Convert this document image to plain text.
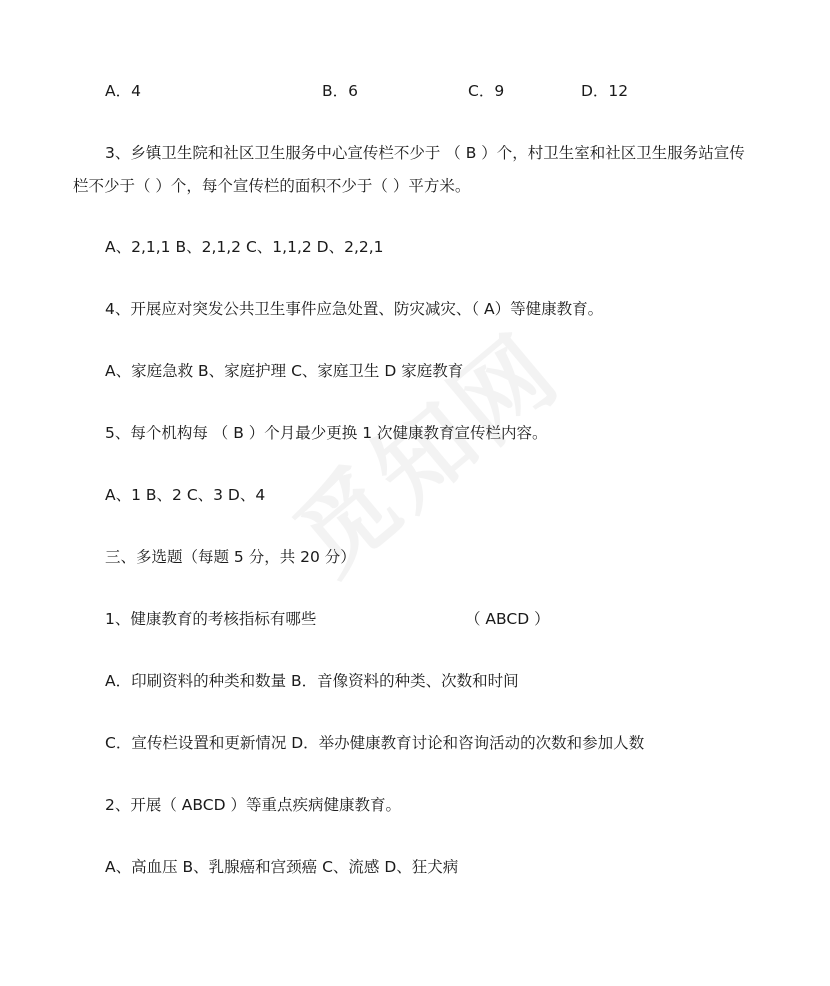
A．4	B．6	C．9	D．12
3、乡镇卫生院和社区卫生服务中心宣传栏不少于 （ B ）个，村卫生室和社区卫生服务站宣传
栏不少于（ ）个，每个宣传栏的面积不少于（ ）平方米。
A、2,1,1 B、2,1,2 C、1,1,2 D、2,2,1
4、开展应对突发公共卫生事件应急处置、防灾减灾、（ A）等健康教育。
A、家庭急救 B、家庭护理 C、家庭卫生 D 家庭教育
5、每个机构每 （ B ）个月最少更换 1 次健康教育宣传栏内容。
A、1 B、2 C、3 D、4
三、多选题（每题 5 分，共 20 分）
1、健康教育的考核指标有哪些	（ ABCD ）
A．印刷资料的种类和数量 B．音像资料的种类、次数和时间
C．宣传栏设置和更新情况 D．举办健康教育讨论和咨询活动的次数和参加人数
2、开展（ ABCD ）等重点疾病健康教育。
A、高血压 B、乳腺癌和宫颈癌 C、流感 D、狂犬病
